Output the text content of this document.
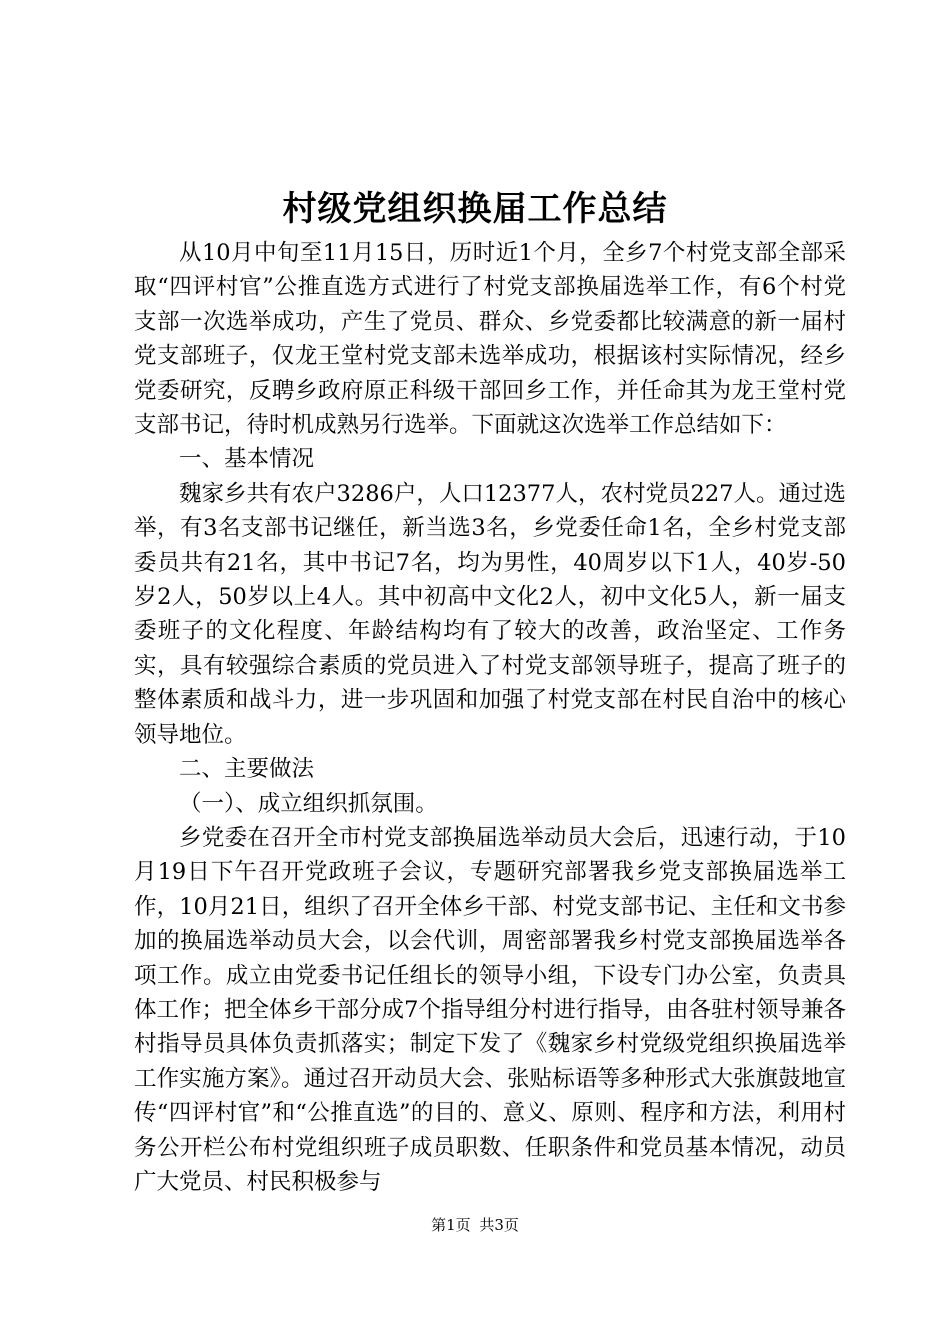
村级党组织换届工作总结

从10月中旬至11月15日，历时近1个月，全乡7个村党支部全部采取“四评村官”公推直选方式进行了村党支部换届选举工作，有6个村党支部一次选举成功，产生了党员、群众、乡党委都比较满意的新一届村党支部班子，仅龙王堂村党支部未选举成功，根据该村实际情况，经乡党委研究，反聘乡政府原正科级干部回乡工作，并任命其为龙王堂村党支部书记，待时机成熟另行选举。下面就这次选举工作总结如下：

一、基本情况

魏家乡共有农户3286户，人口12377人，农村党员227人。通过选举，有3名支部书记继任，新当选3名，乡党委任命1名，全乡村党支部委员共有21名，其中书记7名，均为男性，40周岁以下1人，40岁-50岁2人，50岁以上4人。其中初高中文化2人，初中文化5人，新一届支委班子的文化程度、年龄结构均有了较大的改善，政治坚定、工作务实，具有较强综合素质的党员进入了村党支部领导班子，提高了班子的整体素质和战斗力，进一步巩固和加强了村党支部在村民自治中的核心领导地位。

二、主要做法

（一）、成立组织抓氛围。

乡党委在召开全市村党支部换届选举动员大会后，迅速行动，于10月19日下午召开党政班子会议，专题研究部署我乡党支部换届选举工作，10月21日，组织了召开全体乡干部、村党支部书记、主任和文书参加的换届选举动员大会，以会代训，周密部署我乡村党支部换届选举各项工作。成立由党委书记任组长的领导小组，下设专门办公室，负责具体工作；把全体乡干部分成7个指导组分村进行指导，由各驻村领导兼各村指导员具体负责抓落实；制定下发了《魏家乡村党级党组织换届选举工作实施方案》。通过召开动员大会、张贴标语等多种形式大张旗鼓地宣传“四评村官”和“公推直选”的目的、意义、原则、程序和方法，利用村务公开栏公布村党组织班子成员职数、任职条件和党员基本情况，动员广大党员、村民积极参与

第1页 共3页
